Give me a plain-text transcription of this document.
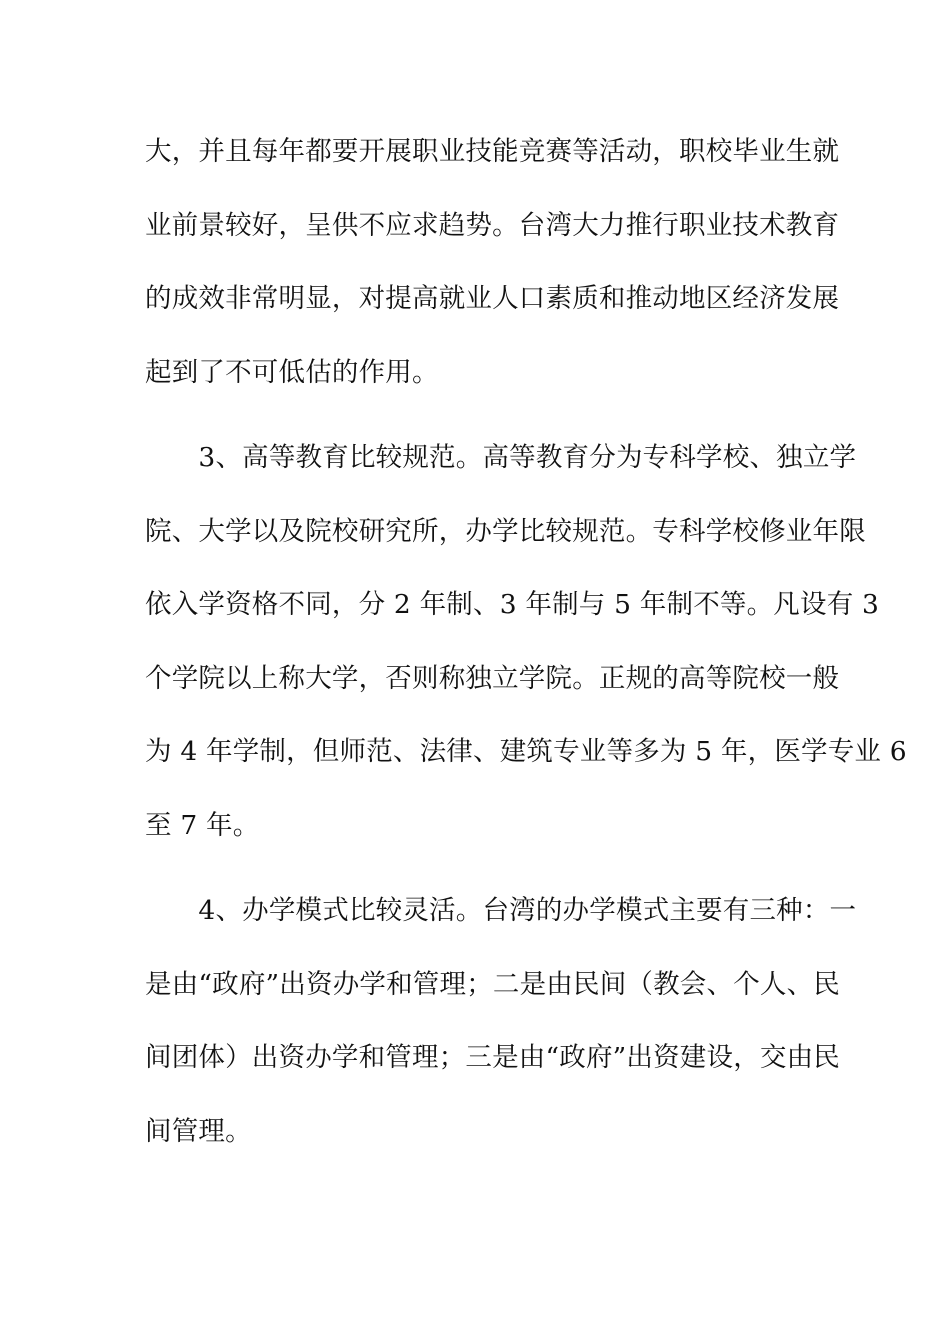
大，并且每年都要开展职业技能竞赛等活动，职校毕业生就
业前景较好，呈供不应求趋势。台湾大力推行职业技术教育
的成效非常明显，对提高就业人口素质和推动地区经济发展
起到了不可低估的作用。
　　3、高等教育比较规范。高等教育分为专科学校、独立学
院、大学以及院校研究所，办学比较规范。专科学校修业年限
依入学资格不同，分 2 年制、3 年制与 5 年制不等。凡设有 3
个学院以上称大学，否则称独立学院。正规的高等院校一般
为 4 年学制，但师范、法律、建筑专业等多为 5 年，医学专业 6
至 7 年。
　　4、办学模式比较灵活。台湾的办学模式主要有三种：一
是由“政府”出资办学和管理；二是由民间（教会、个人、民
间团体）出资办学和管理；三是由“政府”出资建设，交由民
间管理。
